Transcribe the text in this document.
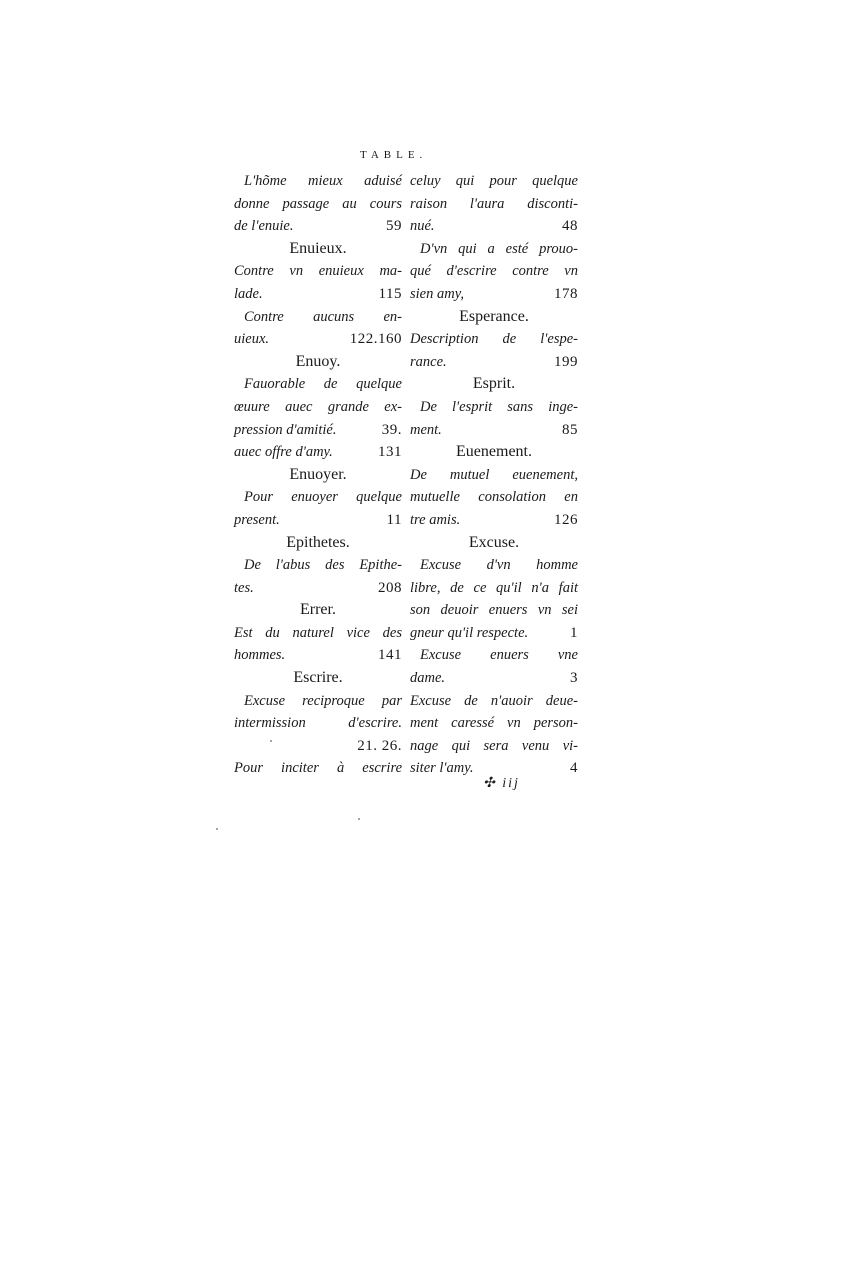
TABLE.
L'hõme mieux aduisé
donne passage au cours
de l'enuie.	59
Enuieux.
Contre vn enuieux ma-
lade.	115
Contre aucuns en-
uieux.	122.160
Enuoy.
Fauorable de quelque
œuure auec grande ex-
pression d'amitié.	39.
auec offre d'amy.	131
Enuoyer.
Pour enuoyer quelque
present.	11
Epithetes.
De l'abus des Epithe-
tes.	208
Errer.
Est du naturel vice des
hommes.	141
Escrire.
Excuse reciproque par
intermission d'escrire.
21. 26.
Pour inciter à escrire
celuy qui pour quelque
raison l'aura disconti-
nué.	48
D'vn qui a esté prouo-
qué d'escrire contre vn
sien amy,	178
Esperance.
Description de l'espe-
rance.	199
Esprit.
De l'esprit sans inge-
ment.	85
Euenement.
De mutuel euenement,
mutuelle consolation en
tre amis.	126
Excuse.
Excuse d'vn homme
libre, de ce qu'il n'a fait
son deuoir enuers vn sei
gneur qu'il respecte.	1
Excuse enuers vne
dame.	3
Excuse de n'auoir deue-
ment caressé vn person-
nage qui sera venu vi-
siter l'amy.	4
✣ iij
